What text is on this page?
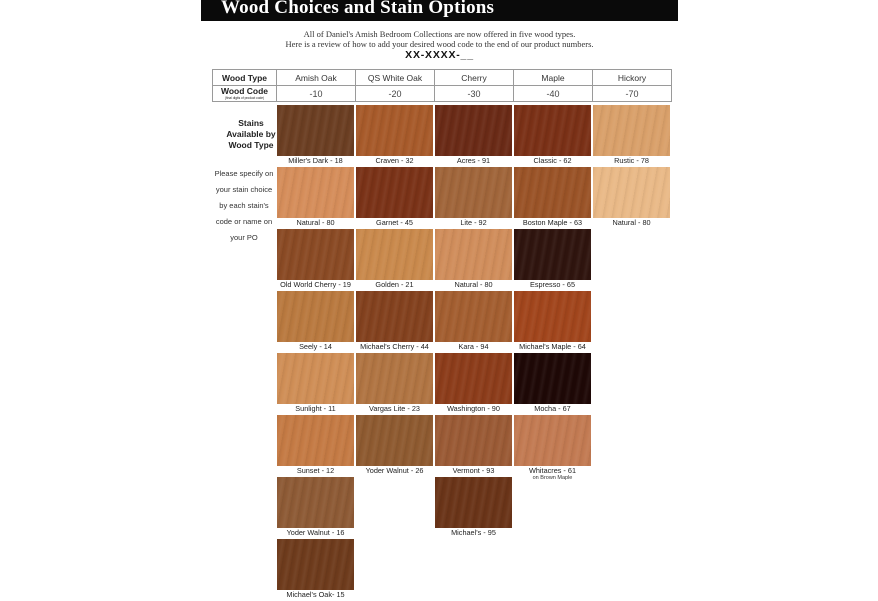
Wood Choices and Stain Options
All of Daniel's Amish Bedroom Collections are now offered in five wood types.
Here is a review of how to add your desired wood code to the end of our product numbers.
XX-XXXX-__
Wood Type	Amish Oak	QS White Oak	Cherry	Maple	Hickory
Wood Code
(final digits of product code)	-10	-20	-30	-40	-70
Stains
Available by
Wood Type
Please specify on
your stain choice
by each stain's
code or name on
your PO
Miller's Dark - 18
Natural - 80
Old World Cherry - 19
Seely - 14
Sunlight - 11
Sunset - 12
Yoder Walnut - 16
Michael's Oak- 15
Craven - 32
Garnet - 45
Golden - 21
Michael's Cherry - 44
Vargas Lite - 23
Yoder Walnut - 26
Acres - 91
Lite - 92
Natural - 80
Kara - 94
Washington - 90
Vermont - 93
Michael's - 95
Classic - 62
Boston Maple - 63
Espresso - 65
Michael's Maple - 64
Mocha - 67
Whitacres - 61
on Brown Maple
Rustic - 78
Natural - 80
